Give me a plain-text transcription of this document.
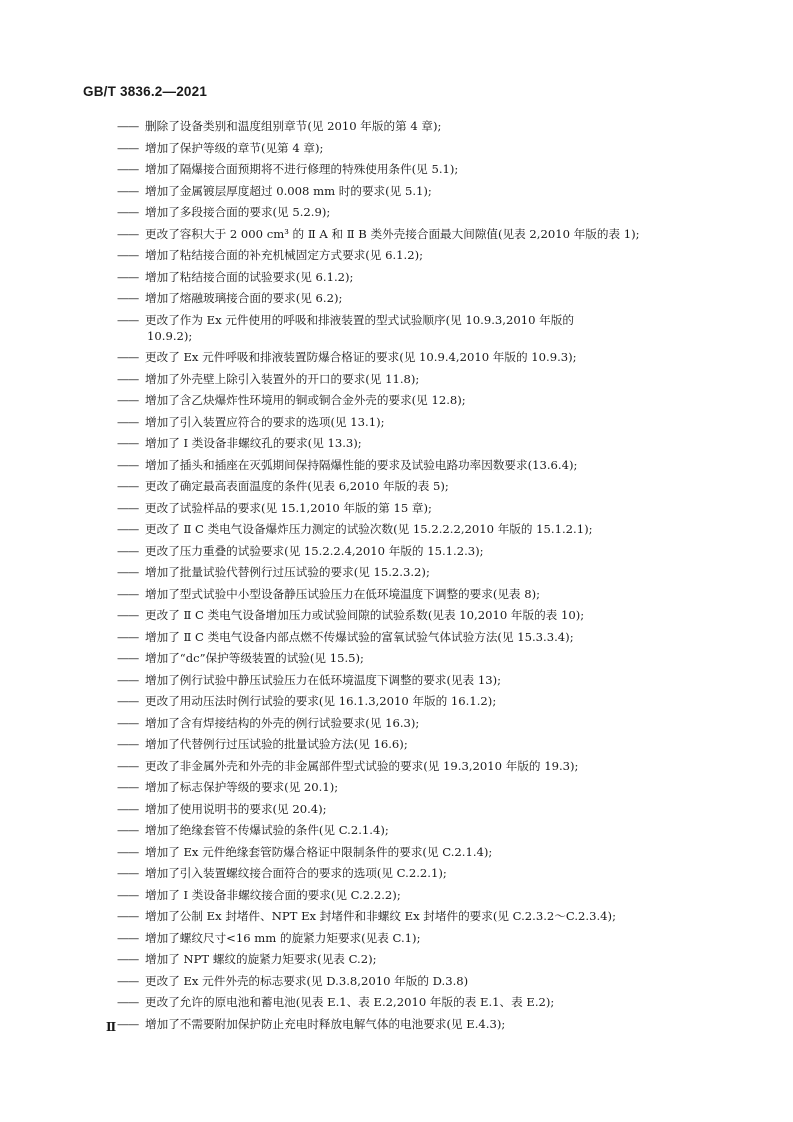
GB/T 3836.2—2021
—— 删除了设备类别和温度组别章节(见 2010 年版的第 4 章);
—— 增加了保护等级的章节(见第 4 章);
—— 增加了隔爆接合面预期将不进行修理的特殊使用条件(见 5.1);
—— 增加了金属镀层厚度超过 0.008 mm 时的要求(见 5.1);
—— 增加了多段接合面的要求(见 5.2.9);
—— 更改了容积大于 2 000 cm³ 的 Ⅱ A 和 Ⅱ B 类外壳接合面最大间隙值(见表 2,2010 年版的表 1);
—— 增加了粘结接合面的补充机械固定方式要求(见 6.1.2);
—— 增加了粘结接合面的试验要求(见 6.1.2);
—— 增加了熔融玻璃接合面的要求(见 6.2);
—— 更改了作为 Ex 元件使用的呼吸和排液装置的型式试验顺序(见 10.9.3,2010 年版的
10.9.2);
—— 更改了 Ex 元件呼吸和排液装置防爆合格证的要求(见 10.9.4,2010 年版的 10.9.3);
—— 增加了外壳壁上除引入装置外的开口的要求(见 11.8);
—— 增加了含乙炔爆炸性环境用的铜或铜合金外壳的要求(见 12.8);
—— 增加了引入装置应符合的要求的选项(见 13.1);
—— 增加了 Ⅰ 类设备非螺纹孔的要求(见 13.3);
—— 增加了插头和插座在灭弧期间保持隔爆性能的要求及试验电路功率因数要求(13.6.4);
—— 更改了确定最高表面温度的条件(见表 6,2010 年版的表 5);
—— 更改了试验样品的要求(见 15.1,2010 年版的第 15 章);
—— 更改了 Ⅱ C 类电气设备爆炸压力测定的试验次数(见 15.2.2.2,2010 年版的 15.1.2.1);
—— 更改了压力重叠的试验要求(见 15.2.2.4,2010 年版的 15.1.2.3);
—— 增加了批量试验代替例行过压试验的要求(见 15.2.3.2);
—— 增加了型式试验中小型设备静压试验压力在低环境温度下调整的要求(见表 8);
—— 更改了 Ⅱ C 类电气设备增加压力或试验间隙的试验系数(见表 10,2010 年版的表 10);
—— 增加了 Ⅱ C 类电气设备内部点燃不传爆试验的富氧试验气体试验方法(见 15.3.3.4);
—— 增加了“dc”保护等级装置的试验(见 15.5);
—— 增加了例行试验中静压试验压力在低环境温度下调整的要求(见表 13);
—— 更改了用动压法时例行试验的要求(见 16.1.3,2010 年版的 16.1.2);
—— 增加了含有焊接结构的外壳的例行试验要求(见 16.3);
—— 增加了代替例行过压试验的批量试验方法(见 16.6);
—— 更改了非金属外壳和外壳的非金属部件型式试验的要求(见 19.3,2010 年版的 19.3);
—— 增加了标志保护等级的要求(见 20.1);
—— 增加了使用说明书的要求(见 20.4);
—— 增加了绝缘套管不传爆试验的条件(见 C.2.1.4);
—— 增加了 Ex 元件绝缘套管防爆合格证中限制条件的要求(见 C.2.1.4);
—— 增加了引入装置螺纹接合面符合的要求的选项(见 C.2.2.1);
—— 增加了 Ⅰ 类设备非螺纹接合面的要求(见 C.2.2.2);
—— 增加了公制 Ex 封堵件、NPT Ex 封堵件和非螺纹 Ex 封堵件的要求(见 C.2.3.2～C.2.3.4);
—— 增加了螺纹尺寸<16 mm 的旋紧力矩要求(见表 C.1);
—— 增加了 NPT 螺纹的旋紧力矩要求(见表 C.2);
—— 更改了 Ex 元件外壳的标志要求(见 D.3.8,2010 年版的 D.3.8)
—— 更改了允许的原电池和蓄电池(见表 E.1、表 E.2,2010 年版的表 E.1、表 E.2);
—— 增加了不需要附加保护防止充电时释放电解气体的电池要求(见 E.4.3);
Ⅱ
